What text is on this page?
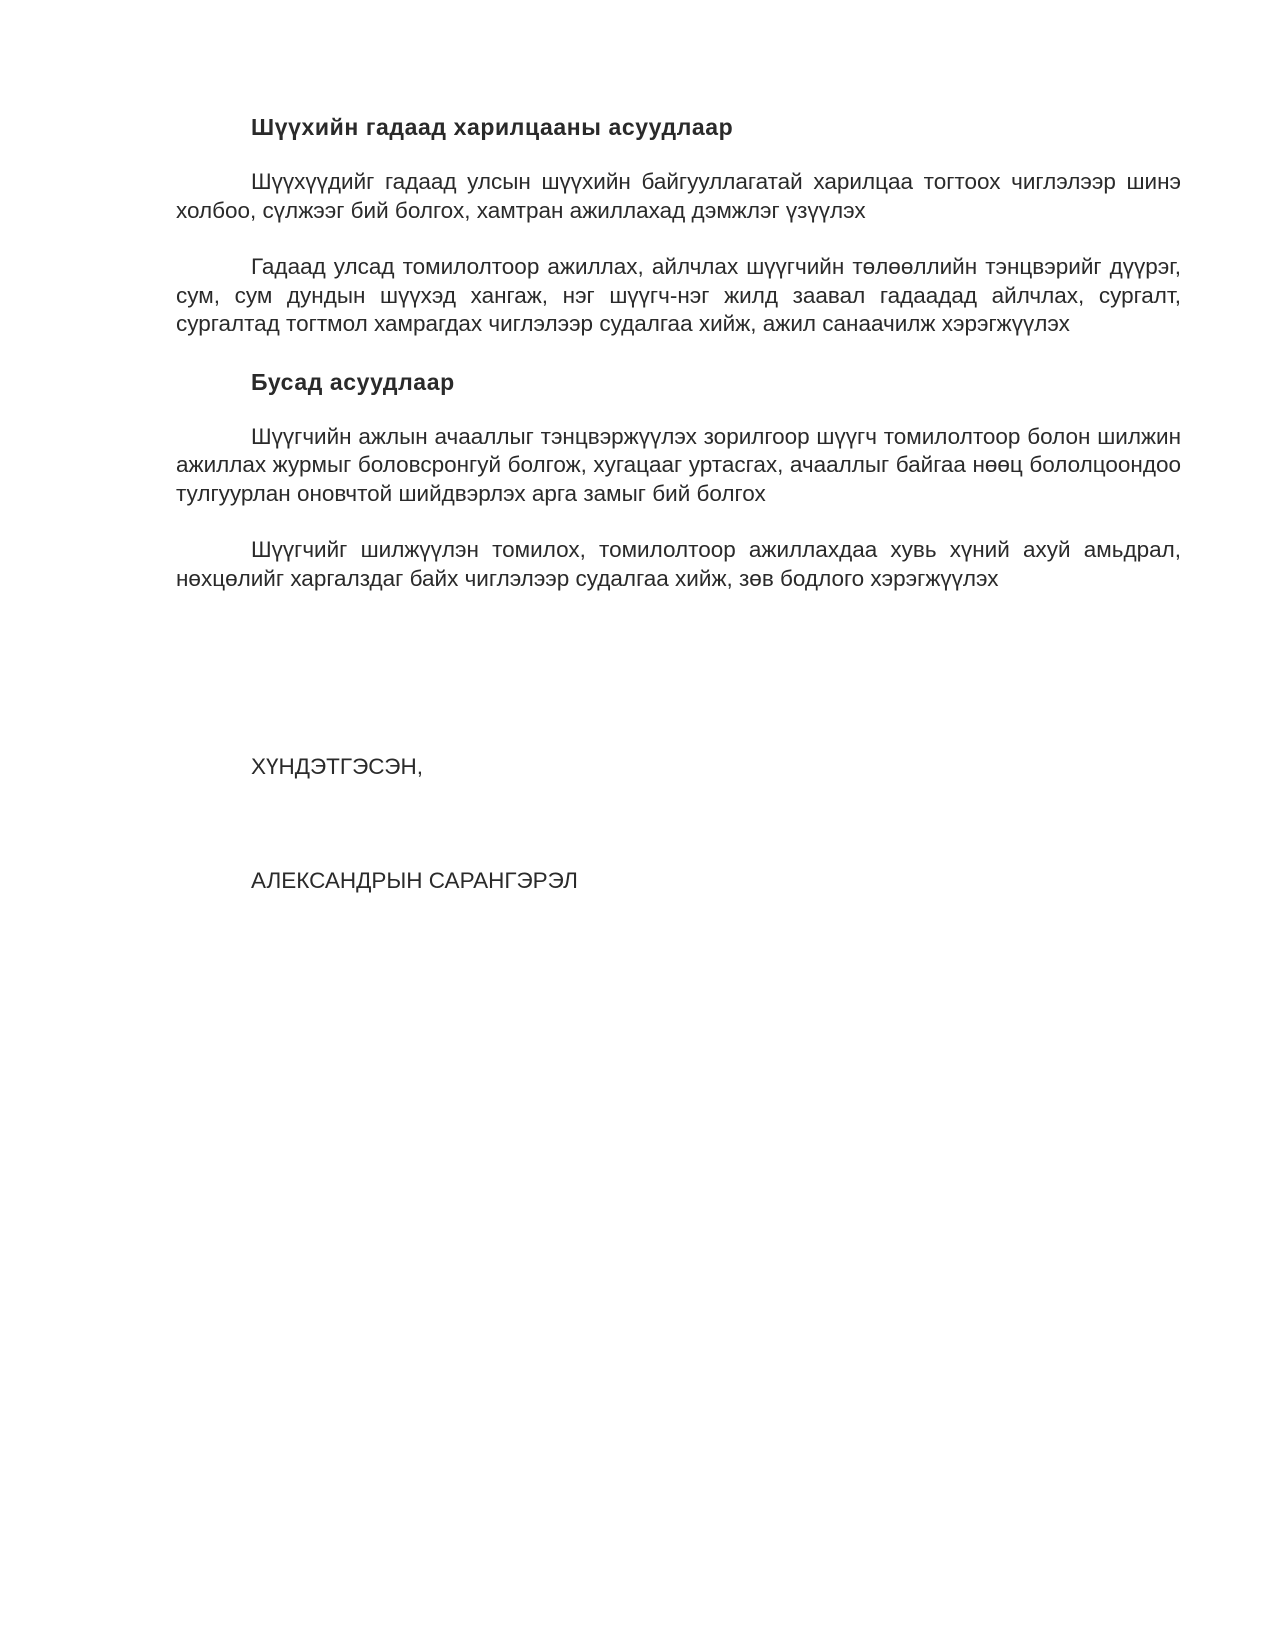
Шүүхийн гадаад харилцааны асуудлаар

Шүүхүүдийг гадаад улсын шүүхийн байгууллагатай харилцаа тогтоох чиглэлээр шинэ холбоо, сүлжээг бий болгох, хамтран ажиллахад дэмжлэг үзүүлэх

Гадаад улсад томилолтоор ажиллах, айлчлах шүүгчийн төлөөллийн тэнцвэрийг дүүрэг, сум, сум дундын шүүхэд хангаж, нэг шүүгч-нэг жилд заавал гадаадад айлчлах, сургалт, сургалтад тогтмол хамрагдах чиглэлээр судалгаа хийж, ажил санаачилж хэрэгжүүлэх

Бусад асуудлаар

Шүүгчийн ажлын ачааллыг тэнцвэржүүлэх зорилгоор шүүгч томилолтоор болон шилжин ажиллах журмыг боловсронгуй болгож, хугацааг уртасгах, ачааллыг байгаа нөөц бололцоондоо тулгуурлан оновчтой шийдвэрлэх арга замыг бий болгох

Шүүгчийг шилжүүлэн томилох, томилолтоор ажиллахдаа хувь хүний ахуй амьдрал, нөхцөлийг харгалздаг байх чиглэлээр судалгаа хийж, зөв бодлого хэрэгжүүлэх

ХҮНДЭТГЭСЭН,

АЛЕКСАНДРЫН САРАНГЭРЭЛ
